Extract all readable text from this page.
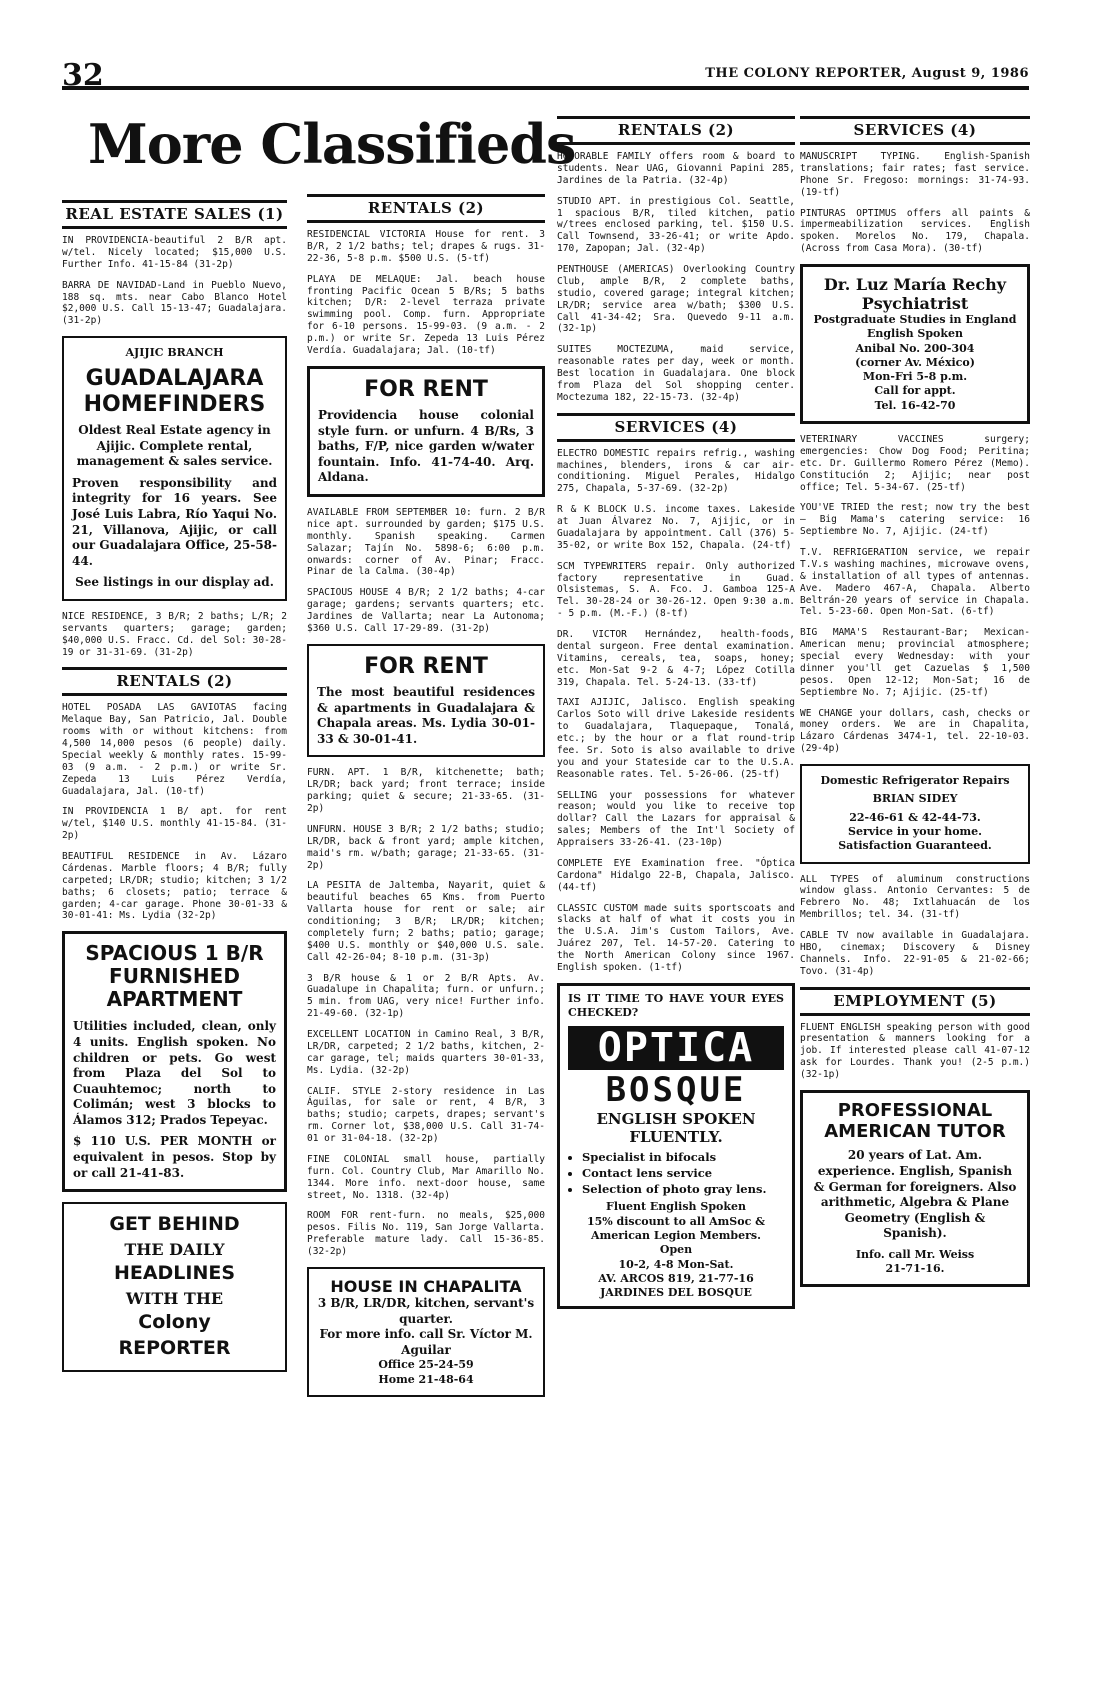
32	THE COLONY REPORTER, August 9, 1986
More Classifieds
REAL ESTATE SALES (1)
IN PROVIDENCIA-beautiful 2 B/R apt. w/tel. Nicely located; $15,000 U.S. Further Info. 41-15-84 (31-2p)
BARRA DE NAVIDAD-Land in Pueblo Nuevo, 188 sq. mts. near Cabo Blanco Hotel $2,000 U.S. Call 15-13-47; Guadalajara. (31-2p)
AJIJIC BRANCH
GUADALAJARA HOMEFINDERS
Oldest Real Estate agency in Ajijic. Complete rental, management & sales service.
Proven responsibility and integrity for 16 years. See José Luis Labra, Río Yaqui No. 21, Villanova, Ajijic, or call our Guadalajara Office, 25-58-44.
See listings in our display ad.
NICE RESIDENCE, 3 B/R; 2 baths; L/R; 2 servants quarters; garage; garden; $40,000 U.S. Fracc. Cd. del Sol: 30-28-19 or 31-31-69. (31-2p)
RENTALS (2)
HOTEL POSADA LAS GAVIOTAS facing Melaque Bay, San Patricio, Jal. Double rooms with or without kitchens: from 4,500 14,000 pesos (6 people) daily. Special weekly & monthly rates. 15-99-03 (9 a.m. - 2 p.m.) or write Sr. Zepeda 13 Luis Pérez Verdía, Guadalajara, Jal. (10-tf)
IN PROVIDENCIA 1 B/ apt. for rent w/tel, $140 U.S. monthly 41-15-84. (31-2p)
BEAUTIFUL RESIDENCE in Av. Lázaro Cárdenas. Marble floors; 4 B/R; fully carpeted; LR/DR; studio; kitchen; 3 1/2 baths; 6 closets; patio; terrace & garden; 4-car garage. Phone 30-01-33 & 30-01-41: Ms. Lydia (32-2p)
SPACIOUS 1 B/R FURNISHED APARTMENT
Utilities included, clean, only 4 units. English spoken. No children or pets. Go west from Plaza del Sol to Cuauhtemoc; north to Colimán; west 3 blocks to Álamos 312; Prados Tepeyac.
$ 110 U.S. PER MONTH or equivalent in pesos. Stop by or call 21-41-83.
GET BEHIND
THE DAILY
HEADLINES
WITH THE
Colony
REPORTER
RENTALS (2)
RESIDENCIAL VICTORIA House for rent. 3 B/R, 2 1/2 baths; tel; drapes & rugs. 31-22-36, 5-8 p.m. $500 U.S. (5-tf)
PLAYA DE MELAQUE: Jal. beach house fronting Pacific Ocean 5 B/Rs; 5 baths kitchen; D/R: 2-level terraza private swimming pool. Comp. furn. Appropriate for 6-10 persons. 15-99-03. (9 a.m. - 2 p.m.) or write Sr. Zepeda 13 Luis Pérez Verdía. Guadalajara; Jal. (10-tf)
FOR RENT
Providencia house colonial style furn. or unfurn. 4 B/Rs, 3 baths, F/P, nice garden w/water fountain. Info. 41-74-40. Arq. Aldana.
AVAILABLE FROM SEPTEMBER 10: furn. 2 B/R nice apt. surrounded by garden; $175 U.S. monthly. Spanish speaking. Carmen Salazar; Tajín No. 5898-6; 6:00 p.m. onwards: corner of Av. Pinar; Fracc. Pinar de la Calma. (30-4p)
SPACIOUS HOUSE 4 B/R; 2 1/2 baths; 4-car garage; gardens; servants quarters; etc. Jardines de Vallarta; near La Autonoma; $360 U.S. Call 17-29-89. (31-2p)
FOR RENT
The most beautiful residences & apartments in Guadalajara & Chapala areas. Ms. Lydia 30-01-33 & 30-01-41.
FURN. APT. 1 B/R, kitchenette; bath; LR/DR; back yard; front terrace; inside parking; quiet & secure; 21-33-65. (31-2p)
UNFURN. HOUSE 3 B/R; 2 1/2 baths; studio; LR/DR, back & front yard; ample kitchen, maid's rm. w/bath; garage; 21-33-65. (31-2p)
LA PESITA de Jaltemba, Nayarit, quiet & beautiful beaches 65 Kms. from Puerto Vallarta house for rent or sale; air conditioning; 3 B/R; LR/DR; kitchen; completely furn; 2 baths; patio; garage; $400 U.S. monthly or $40,000 U.S. sale. Call 42-26-04; 8-10 p.m. (31-3p)
3 B/R house & 1 or 2 B/R Apts. Av. Guadalupe in Chapalita; furn. or unfurn.; 5 min. from UAG, very nice! Further info. 21-49-60. (32-1p)
EXCELLENT LOCATION in Camino Real, 3 B/R, LR/DR, carpeted; 2 1/2 baths, kitchen, 2-car garage, tel; maids quarters 30-01-33, Ms. Lydia. (32-2p)
CALIF. STYLE 2-story residence in Las Águilas, for sale or rent, 4 B/R, 3 baths; studio; carpets, drapes; servant's rm. Corner lot, $38,000 U.S. Call 31-74-01 or 31-04-18. (32-2p)
FINE COLONIAL small house, partially furn. Col. Country Club, Mar Amarillo No. 1344. More info. next-door house, same street, No. 1318. (32-4p)
ROOM FOR rent-furn. no meals, $25,000 pesos. Filis No. 119, San Jorge Vallarta. Preferable mature lady. Call 15-36-85. (32-2p)
HOUSE IN CHAPALITA
3 B/R, LR/DR, kitchen, servant's quarter.
For more info. call Sr. Víctor M. Aguilar
Office 25-24-59
Home 21-48-64
RENTALS (2)
HONORABLE FAMILY offers room & board to students. Near UAG, Giovanni Papini 285, Jardines de la Patria. (32-4p)
STUDIO APT. in prestigious Col. Seattle, 1 spacious B/R, tiled kitchen, patio w/trees enclosed parking, tel. $150 U.S. Call Townsend, 33-26-41; or write Apdo. 170, Zapopan; Jal. (32-4p)
PENTHOUSE (AMERICAS) Overlooking Country Club, ample B/R, 2 complete baths, studio, covered garage; integral kitchen; LR/DR; service area w/bath; $300 U.S. Call 41-34-42; Sra. Quevedo 9-11 a.m. (32-1p)
SUITES MOCTEZUMA, maid service, reasonable rates per day, week or month. Best location in Guadalajara. One block from Plaza del Sol shopping center. Moctezuma 182, 22-15-73. (32-4p)
SERVICES (4)
ELECTRO DOMESTIC repairs refrig., washing machines, blenders, irons & car air-conditioning. Miguel Perales, Hidalgo 275, Chapala, 5-37-69. (32-2p)
R & K BLOCK U.S. income taxes. Lakeside at Juan Álvarez No. 7, Ajijic, or in Guadalajara by appointment. Call (376) 5-35-02, or write Box 152, Chapala. (24-tf)
SCM TYPEWRITERS repair. Only authorized factory representative in Guad. Olsistemas, S. A. Fco. J. Gamboa 125-A Tel. 30-28-24 or 30-26-12. Open 9:30 a.m. - 5 p.m. (M.-F.) (8-tf)
DR. VICTOR Hernández, health-foods, dental surgeon. Free dental examination. Vitamins, cereals, tea, soaps, honey; etc. Mon-Sat 9-2 & 4-7; López Cotilla 319, Chapala. Tel. 5-24-13. (33-tf)
TAXI AJIJIC, Jalisco. English speaking Carlos Soto will drive Lakeside residents to Guadalajara, Tlaquepaque, Tonalá, etc.; by the hour or a flat round-trip fee. Sr. Soto is also available to drive you and your Stateside car to the U.S.A. Reasonable rates. Tel. 5-26-06. (25-tf)
SELLING your possessions for whatever reason; would you like to receive top dollar? Call the Lazars for appraisal & sales; Members of the Int'l Society of Appraisers 33-26-41. (23-10p)
COMPLETE EYE Examination free. "Óptica Cardona" Hidalgo 22-B, Chapala, Jalisco. (44-tf)
CLASSIC CUSTOM made suits sportscoats and slacks at half of what it costs you in the U.S.A. Jim's Custom Tailors, Ave. Juárez 207, Tel. 14-57-20. Catering to the North American Colony since 1967. English spoken. (1-tf)
IS IT TIME TO HAVE YOUR EYES CHECKED?
OPTICA
BOSQUE
ENGLISH SPOKEN FLUENTLY.
• Specialist in bifocals
• Contact lens service
• Selection of photo gray lens.
Fluent English Spoken
15% discount to all AmSoc & American Legion Members.
Open
10-2, 4-8 Mon-Sat.
AV. ARCOS 819, 21-77-16
JARDINES DEL BOSQUE
SERVICES (4)
MANUSCRIPT TYPING. English-Spanish translations; fair rates; fast service. Phone Sr. Fregoso: mornings: 31-74-93. (19-tf)
PINTURAS OPTIMUS offers all paints & impermeabilization services. English spoken. Morelos No. 179, Chapala. (Across from Casa Mora). (30-tf)
Dr. Luz María Rechy
Psychiatrist
Postgraduate Studies in England
English Spoken
Anibal No. 200-304
(corner Av. México)
Mon-Fri 5-8 p.m.
Call for appt.
Tel. 16-42-70
VETERINARY VACCINES surgery; emergencies: Chow Dog Food; Peritina; etc. Dr. Guillermo Romero Pérez (Memo). Constitución 2; Ajijic; near post office; Tel. 5-34-67. (25-tf)
YOU'VE TRIED the rest; now try the best — Big Mama's catering service: 16 Septiembre No. 7, Ajijic. (24-tf)
T.V. REFRIGERATION service, we repair T.V.s washing machines, microwave ovens, & installation of all types of antennas. Ave. Madero 467-A, Chapala. Alberto Beltrán-20 years of service in Chapala. Tel. 5-23-60. Open Mon-Sat. (6-tf)
BIG MAMA'S Restaurant-Bar; Mexican-American menu; provincial atmosphere; special every Wednesday: with your dinner you'll get Cazuelas $ 1,500 pesos. Open 12-12; Mon-Sat; 16 de Septiembre No. 7; Ajijic. (25-tf)
WE CHANGE your dollars, cash, checks or money orders. We are in Chapalita, Lázaro Cárdenas 3474-1, tel. 22-10-03. (29-4p)
Domestic Refrigerator Repairs
BRIAN SIDEY
22-46-61 & 42-44-73.
Service in your home. Satisfaction Guaranteed.
ALL TYPES of aluminum constructions window glass. Antonio Cervantes: 5 de Febrero No. 48; Ixtlahuacán de los Membrillos; tel. 34. (31-tf)
CABLE TV now available in Guadalajara. HBO, cinemax; Discovery & Disney Channels. Info. 22-91-05 & 21-02-66; Tovo. (31-4p)
EMPLOYMENT (5)
FLUENT ENGLISH speaking person with good presentation & manners looking for a job. If interested please call 41-07-12 ask for Lourdes. Thank you! (2-5 p.m.) (32-1p)
PROFESSIONAL AMERICAN TUTOR
20 years of Lat. Am. experience. English, Spanish & German for foreigners. Also arithmetic, Algebra & Plane Geometry (English & Spanish).
Info. call Mr. Weiss
21-71-16.
